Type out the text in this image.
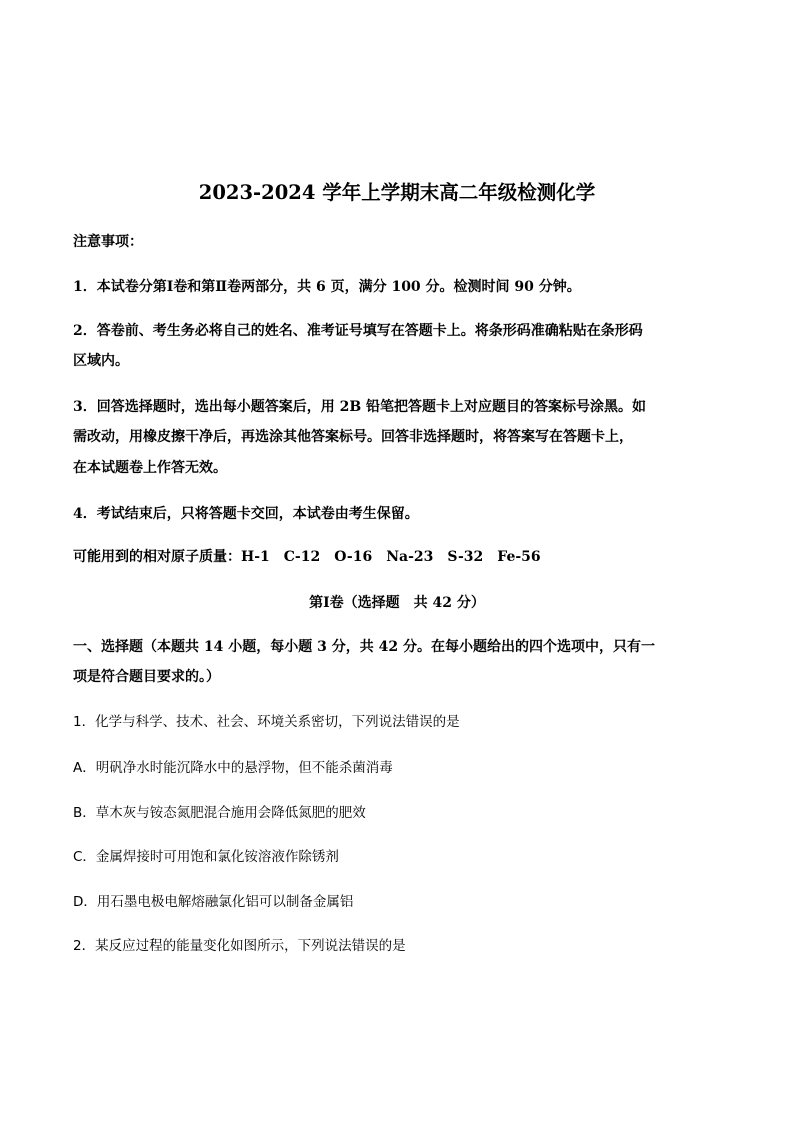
2023-2024 学年上学期末高二年级检测化学
注意事项：
1．本试卷分第Ⅰ卷和第Ⅱ卷两部分，共 6 页，满分 100 分。检测时间 90 分钟。
2．答卷前、考生务必将自己的姓名、准考证号填写在答题卡上。将条形码准确粘贴在条形码
区域内。
3．回答选择题时，选出每小题答案后，用 2B 铅笔把答题卡上对应题目的答案标号涂黑。如
需改动，用橡皮擦干净后，再选涂其他答案标号。回答非选择题时，将答案写在答题卡上，
在本试题卷上作答无效。
4．考试结束后，只将答题卡交回，本试卷由考生保留。
可能用到的相对原子质量：H-1　C-12　O-16　Na-23　S-32　Fe-56
第Ⅰ卷（选择题　共 42 分）
一、选择题（本题共 14 小题，每小题 3 分，共 42 分。在每小题给出的四个选项中，只有一
项是符合题目要求的。）
1．化学与科学、技术、社会、环境关系密切，下列说法错误的是
A．明矾净水时能沉降水中的悬浮物，但不能杀菌消毒
B．草木灰与铵态氮肥混合施用会降低氮肥的肥效
C．金属焊接时可用饱和氯化铵溶液作除锈剂
D．用石墨电极电解熔融氯化铝可以制备金属铝
2．某反应过程的能量变化如图所示，下列说法错误的是
